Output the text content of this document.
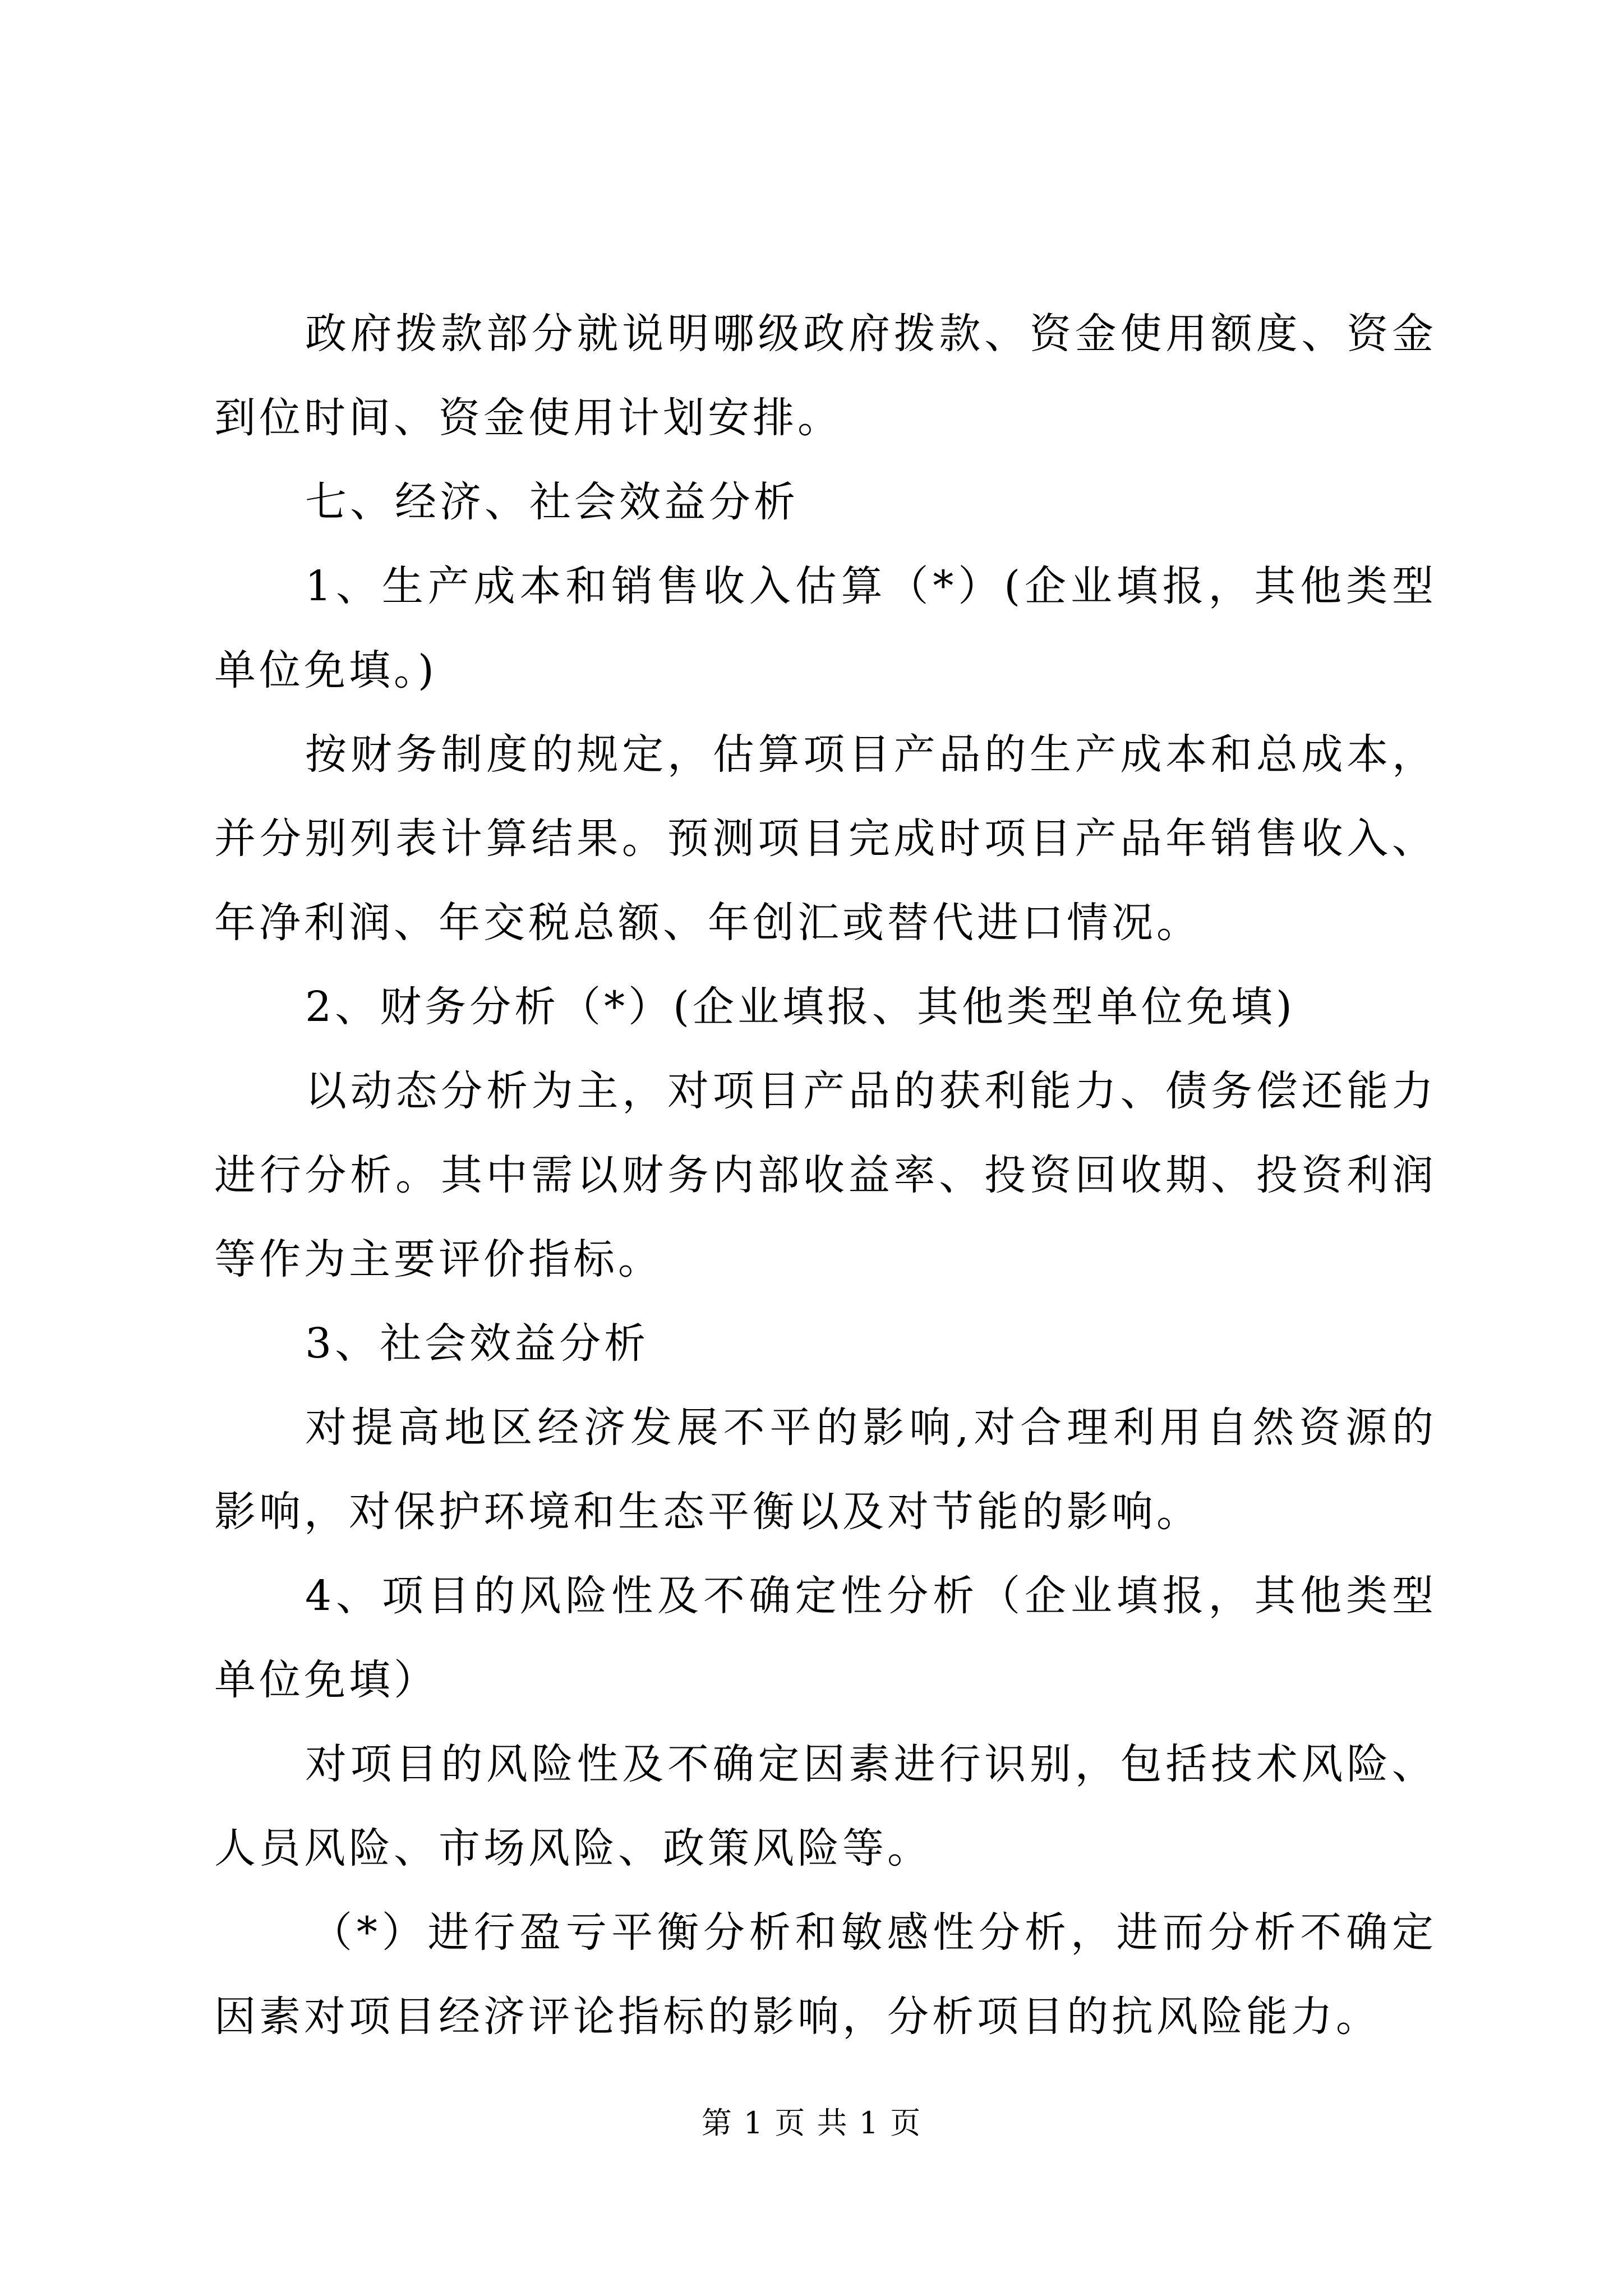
政府拨款部分就说明哪级政府拨款、资金使用额度、资金到位时间、资金使用计划安排。

七、经济、社会效益分析

1、生产成本和销售收入估算（*）(企业填报，其他类型单位免填。)

按财务制度的规定，估算项目产品的生产成本和总成本，并分别列表计算结果。预测项目完成时项目产品年销售收入、年净利润、年交税总额、年创汇或替代进口情况。

2、财务分析（*）(企业填报、其他类型单位免填)

以动态分析为主，对项目产品的获利能力、债务偿还能力进行分析。其中需以财务内部收益率、投资回收期、投资利润等作为主要评价指标。

3、社会效益分析

对提高地区经济发展不平的影响,对合理利用自然资源的影响，对保护环境和生态平衡以及对节能的影响。

4、项目的风险性及不确定性分析（企业填报，其他类型单位免填）

对项目的风险性及不确定因素进行识别，包括技术风险、人员风险、市场风险、政策风险等。

（*）进行盈亏平衡分析和敏感性分析，进而分析不确定因素对项目经济评论指标的影响，分析项目的抗风险能力。

第 1 页 共 1 页
